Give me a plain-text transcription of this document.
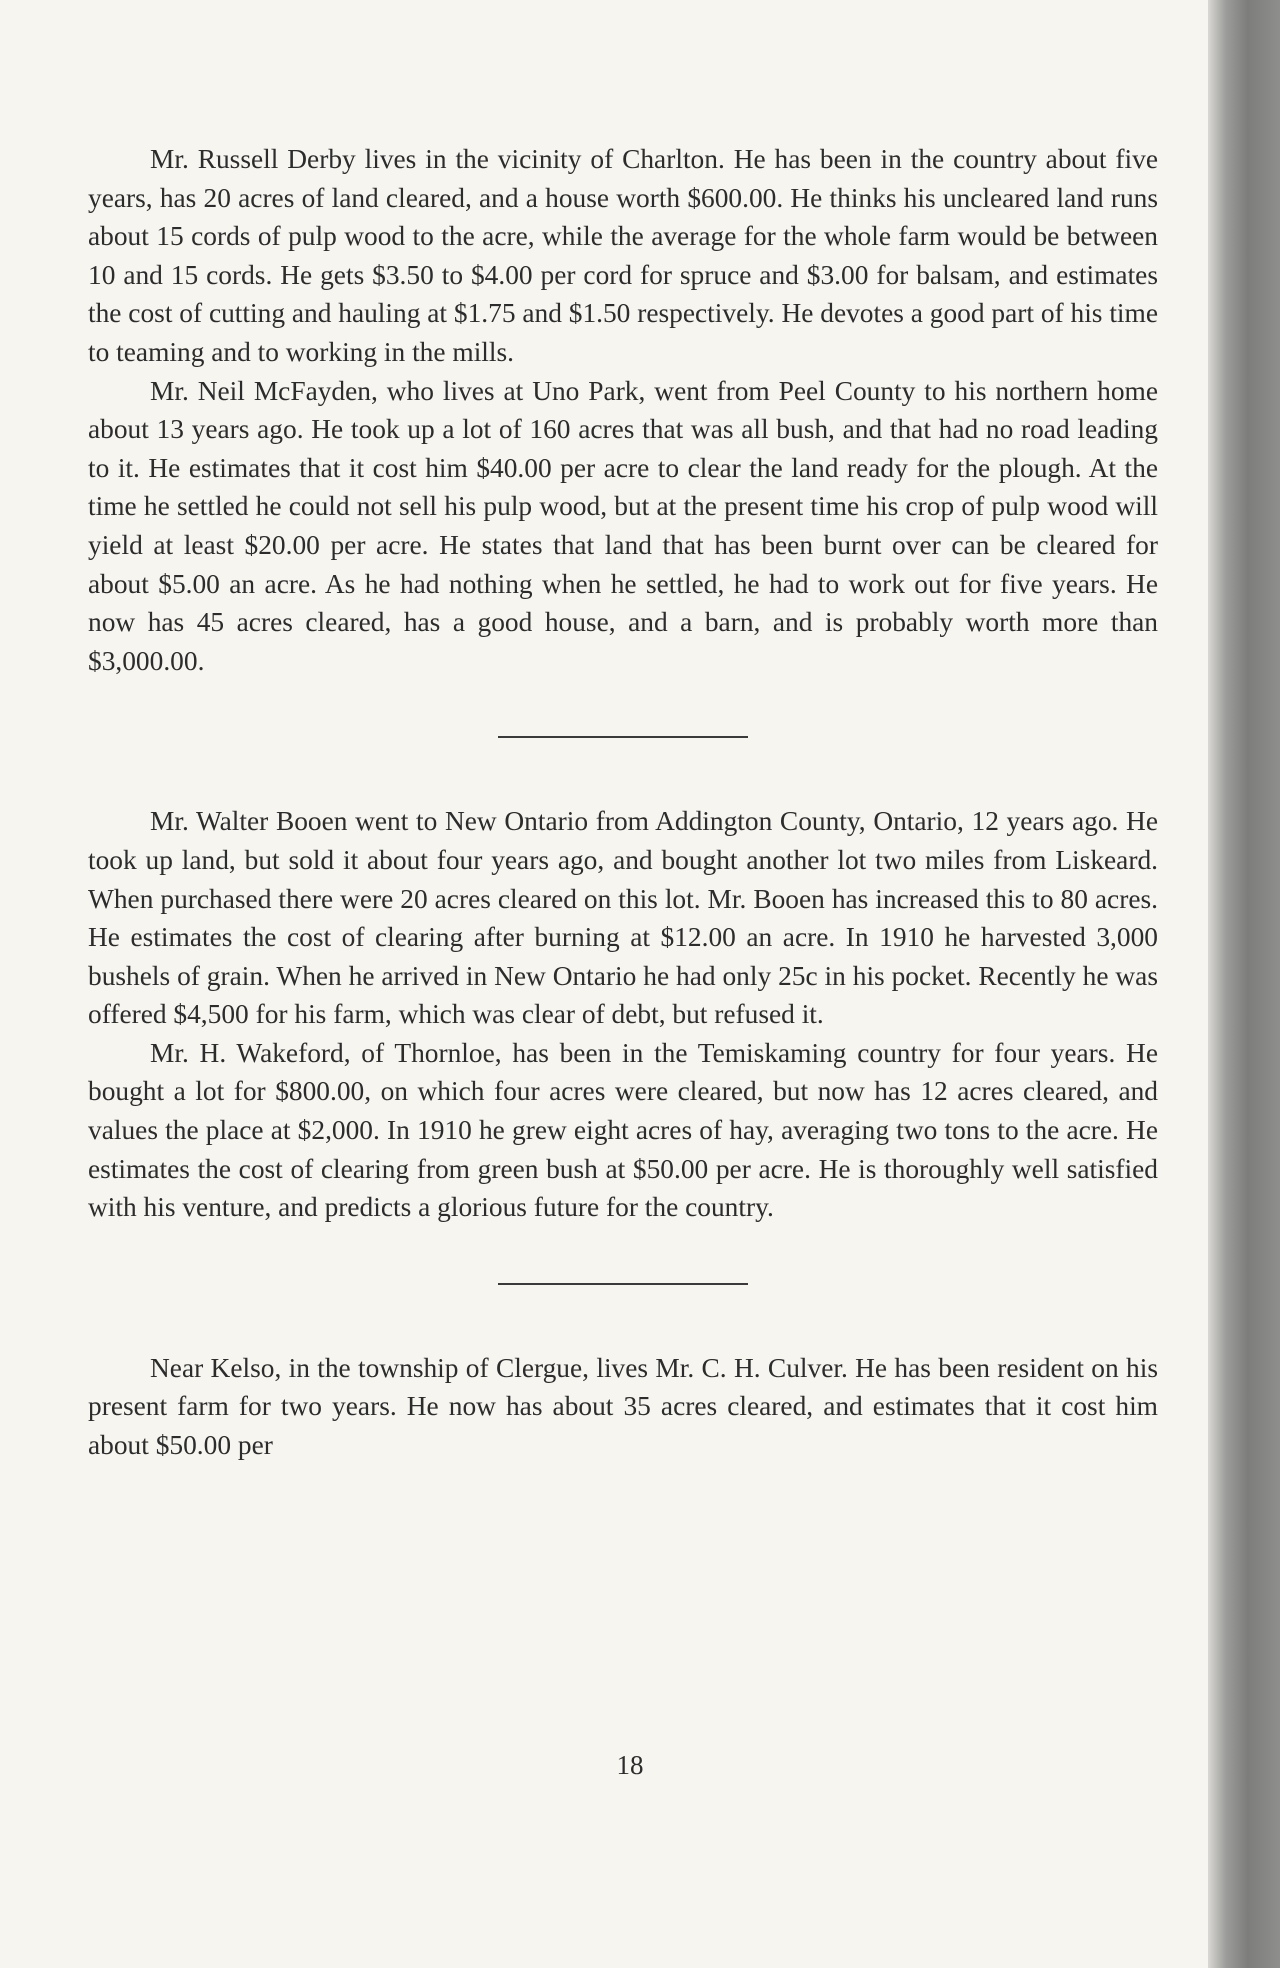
Mr. Russell Derby lives in the vicinity of Charlton. He has been in the country about five years, has 20 acres of land cleared, and a house worth $600.00. He thinks his uncleared land runs about 15 cords of pulp wood to the acre, while the average for the whole farm would be between 10 and 15 cords. He gets $3.50 to $4.00 per cord for spruce and $3.00 for balsam, and estimates the cost of cutting and hauling at $1.75 and $1.50 respectively. He devotes a good part of his time to teaming and to working in the mills.

Mr. Neil McFayden, who lives at Uno Park, went from Peel County to his northern home about 13 years ago. He took up a lot of 160 acres that was all bush, and that had no road leading to it. He estimates that it cost him $40.00 per acre to clear the land ready for the plough. At the time he settled he could not sell his pulp wood, but at the present time his crop of pulp wood will yield at least $20.00 per acre. He states that land that has been burnt over can be cleared for about $5.00 an acre. As he had nothing when he settled, he had to work out for five years. He now has 45 acres cleared, has a good house, and a barn, and is probably worth more than $3,000.00.

Mr. Walter Booen went to New Ontario from Addington County, Ontario, 12 years ago. He took up land, but sold it about four years ago, and bought another lot two miles from Liskeard. When purchased there were 20 acres cleared on this lot. Mr. Booen has increased this to 80 acres. He estimates the cost of clearing after burning at $12.00 an acre. In 1910 he harvested 3,000 bushels of grain. When he arrived in New Ontario he had only 25c in his pocket. Recently he was offered $4,500 for his farm, which was clear of debt, but refused it.

Mr. H. Wakeford, of Thornloe, has been in the Temiskaming country for four years. He bought a lot for $800.00, on which four acres were cleared, but now has 12 acres cleared, and values the place at $2,000. In 1910 he grew eight acres of hay, averaging two tons to the acre. He estimates the cost of clearing from green bush at $50.00 per acre. He is thoroughly well satisfied with his venture, and predicts a glorious future for the country.

Near Kelso, in the township of Clergue, lives Mr. C. H. Culver. He has been resident on his present farm for two years. He now has about 35 acres cleared, and estimates that it cost him about $50.00 per

18
